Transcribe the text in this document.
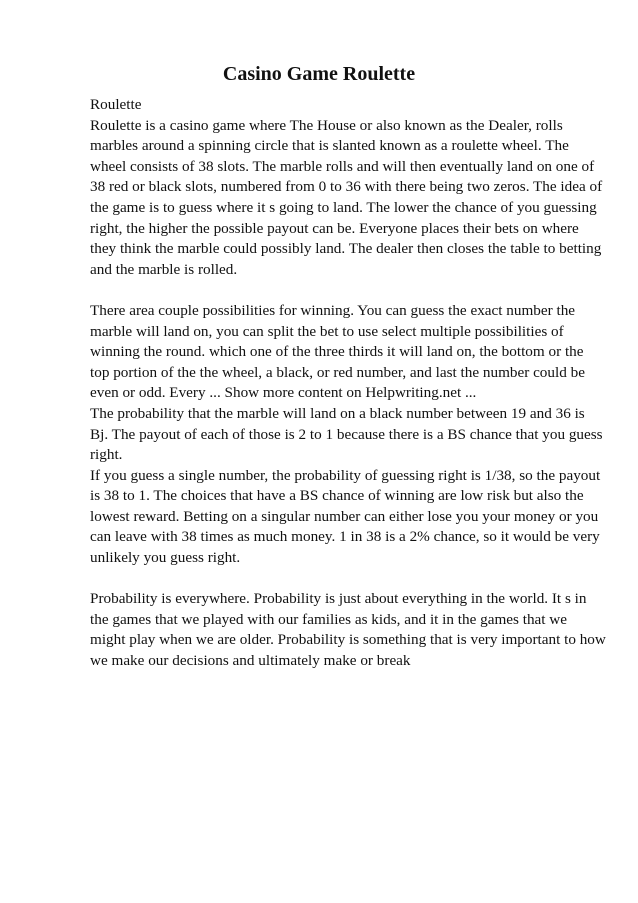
Casino Game Roulette
Roulette
Roulette is a casino game where The House or also known as the Dealer, rolls
marbles around a spinning circle that is slanted known as a roulette wheel. The
wheel consists of 38 slots. The marble rolls and will then eventually land on one of
38 red or black slots, numbered from 0 to 36 with there being two zeros. The idea of
the game is to guess where it s going to land. The lower the chance of you guessing
right, the higher the possible payout can be. Everyone places their bets on where
they think the marble could possibly land. The dealer then closes the table to betting
and the marble is rolled.
There area couple possibilities for winning. You can guess the exact number the
marble will land on, you can split the bet to use select multiple possibilities of
winning the round. which one of the three thirds it will land on, the bottom or the
top portion of the the wheel, a black, or red number, and last the number could be
even or odd. Every ... Show more content on Helpwriting.net ...
The probability that the marble will land on a black number between 19 and 36 is
Bj. The payout of each of those is 2 to 1 because there is a BS chance that you guess
right.
If you guess a single number, the probability of guessing right is 1/38, so the payout
is 38 to 1. The choices that have a BS chance of winning are low risk but also the
lowest reward. Betting on a singular number can either lose you your money or you
can leave with 38 times as much money. 1 in 38 is a 2% chance, so it would be very
unlikely you guess right.
Probability is everywhere. Probability is just about everything in the world. It s in
the games that we played with our families as kids, and it in the games that we
might play when we are older. Probability is something that is very important to how
we make our decisions and ultimately make or break
